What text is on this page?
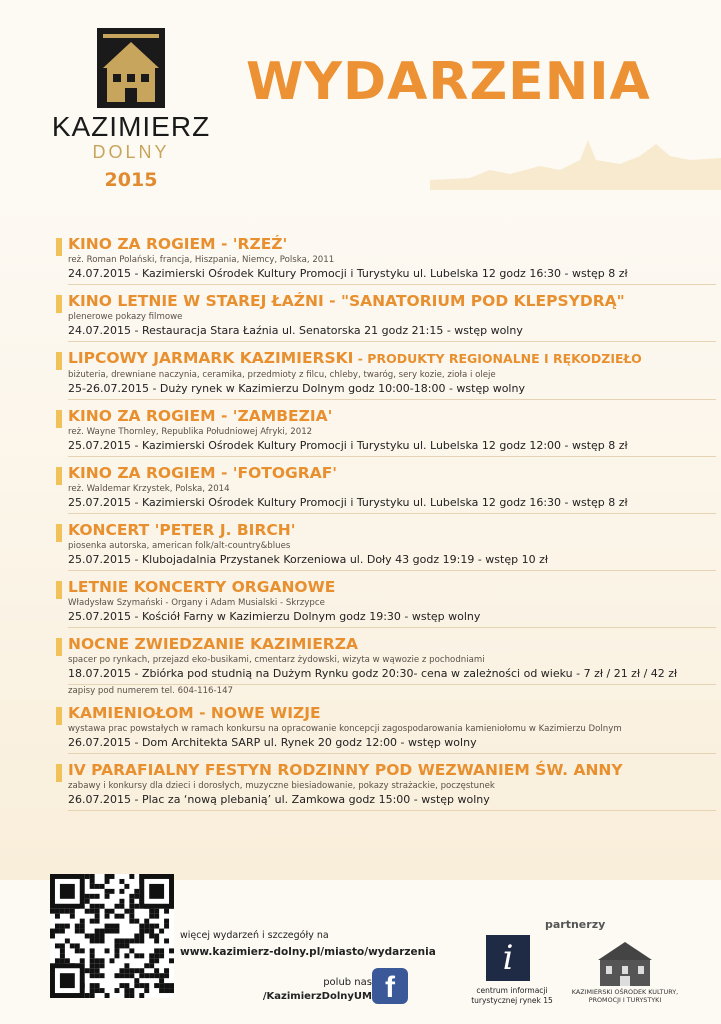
KAZIMIERZ
DOLNY
2015
WYDARZENIA
KINO ZA ROGIEM - 'RZEŹ'
reż. Roman Polański, francja, Hiszpania, Niemcy, Polska, 2011
24.07.2015 - Kazimierski Ośrodek Kultury Promocji i Turystyku ul. Lubelska 12 godz 16:30 - wstęp 8 zł
KINO LETNIE W STAREJ ŁAŹNI - "SANATORIUM POD KLEPSYDRĄ"
plenerowe pokazy filmowe
24.07.2015 - Restauracja Stara Łaźnia ul. Senatorska 21 godz 21:15 - wstęp wolny
LIPCOWY JARMARK KAZIMIERSKI - PRODUKTY REGIONALNE I RĘKODZIEŁO
biżuteria, drewniane naczynia, ceramika, przedmioty z filcu, chleby, twaróg, sery kozie, zioła i oleje
25-26.07.2015 - Duży rynek w Kazimierzu Dolnym godz 10:00-18:00 - wstęp wolny
KINO ZA ROGIEM - 'ZAMBEZIA'
reż. Wayne Thornley, Republika Południowej Afryki, 2012
25.07.2015 - Kazimierski Ośrodek Kultury Promocji i Turystyku ul. Lubelska 12 godz 12:00 - wstęp 8 zł
KINO ZA ROGIEM - 'FOTOGRAF'
reż. Waldemar Krzystek, Polska, 2014
25.07.2015 - Kazimierski Ośrodek Kultury Promocji i Turystyku ul. Lubelska 12 godz 16:30 - wstęp 8 zł
KONCERT 'PETER J. BIRCH'
piosenka autorska, american folk/alt-country&blues
25.07.2015 - Klubojadalnia Przystanek Korzeniowa ul. Doły 43 godz 19:19 - wstęp 10 zł
LETNIE KONCERTY ORGANOWE
Władysław Szymański - Organy i Adam Musialski - Skrzypce
25.07.2015 - Kościół Farny w Kazimierzu Dolnym godz 19:30 - wstęp wolny
NOCNE ZWIEDZANIE KAZIMIERZA
spacer po rynkach, przejazd eko-busikami, cmentarz żydowski, wizyta w wąwozie z pochodniami
18.07.2015 - Zbiórka pod studnią na Dużym Rynku godz 20:30- cena w zależności od wieku - 7 zł / 21 zł / 42 zł
zapisy pod numerem tel. 604-116-147
KAMIENIOŁOM - NOWE WIZJE
wystawa prac powstałych w ramach konkursu na opracowanie koncepcji zagospodarowania kamieniołomu w Kazimierzu Dolnym
26.07.2015 - Dom Architekta SARP ul. Rynek 20 godz 12:00 - wstęp wolny
IV PARAFIALNY FESTYN RODZINNY POD WEZWANIEM ŚW. ANNY
zabawy i konkursy dla dzieci i dorosłych, muzyczne biesiadowanie, pokazy strażackie, poczęstunek
26.07.2015 - Plac za ‘nową plebanią’ ul. Zamkowa godz 15:00 - wstęp wolny
więcej wydarzeń i szczegóły na
www.kazimierz-dolny.pl/miasto/wydarzenia
polub nas
/KazimierzDolnyUM f
partnerzy
i
centrum informacji turystycznej rynek 15
KAZIMIERSKI OŚRODEK KULTURY, PROMOCJI I TURYSTYKI
